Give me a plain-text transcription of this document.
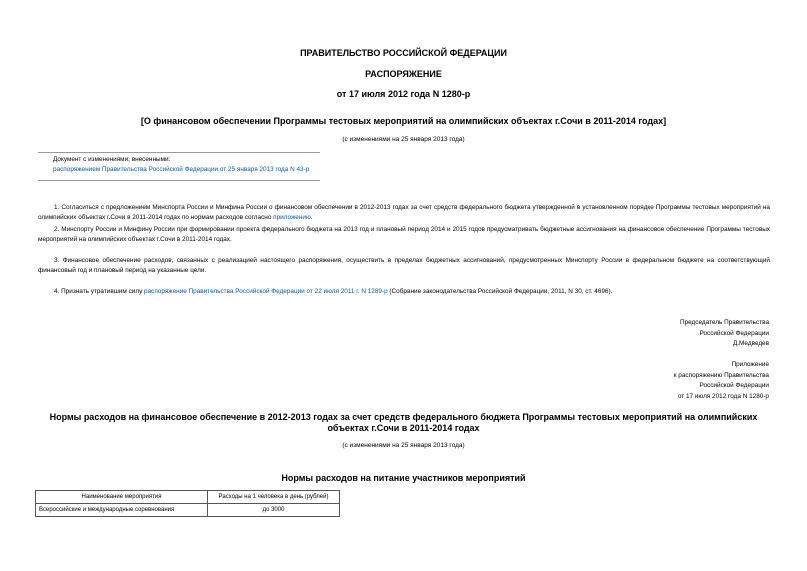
ПРАВИТЕЛЬСТВО РОССИЙСКОЙ ФЕДЕРАЦИИ
РАСПОРЯЖЕНИЕ
от 17 июля 2012 года N 1280-р
[О финансовом обеспечении Программы тестовых мероприятий на олимпийских объектах г.Сочи в 2011-2014 годах]
(с изменениями на 25 января 2013 года)
Документ с изменениями, внесенными:
распоряжением Правительства Российской Федерации от 25 января 2013 года N 43-р
1. Согласиться с предложением Минспорта России и Минфина России о финансовом обеспечении в 2012-2013 годах за счет средств федерального бюджета утвержденной в установленном порядке Программы тестовых мероприятий на олимпийских объектах г.Сочи в 2011-2014 годах по нормам расходов согласно приложению.
2. Минспорту России и Минфину России при формировании проекта федерального бюджета на 2013 год и плановый период 2014 и 2015 годов предусматривать бюджетные ассигнования на финансовое обеспечение Программы тестовых мероприятий на олимпийских объектах г.Сочи в 2011-2014 годах.
3. Финансовое обеспечение расходов, связанных с реализацией настоящего распоряжения, осуществить в пределах бюджетных ассигнований, предусмотренных Минспорту России в федеральном бюджете на соответствующий финансовый год и плановый период на указанные цели.
4. Признать утратившим силу распоряжение Правительства Российской Федерации от 22 июля 2011 г. N 1289-р (Собрание законодательства Российской Федерации, 2011, N 30, ст. 4696).
Председатель Правительства
Российской Федерации
Д.Медведев
Приложение
к распоряжению Правительства
Российской Федерации
от 17 июля 2012 года N 1280-р
Нормы расходов на финансовое обеспечение в 2012-2013 годах за счет средств федерального бюджета Программы тестовых мероприятий на олимпийских
объектах г.Сочи в 2011-2014 годах
(с изменениями на 25 января 2013 года)
Нормы расходов на питание участников мероприятий
Наименование мероприятия	Расходы на 1 человека в день (рублей)
Всероссийские и международные соревнования	до 3000
